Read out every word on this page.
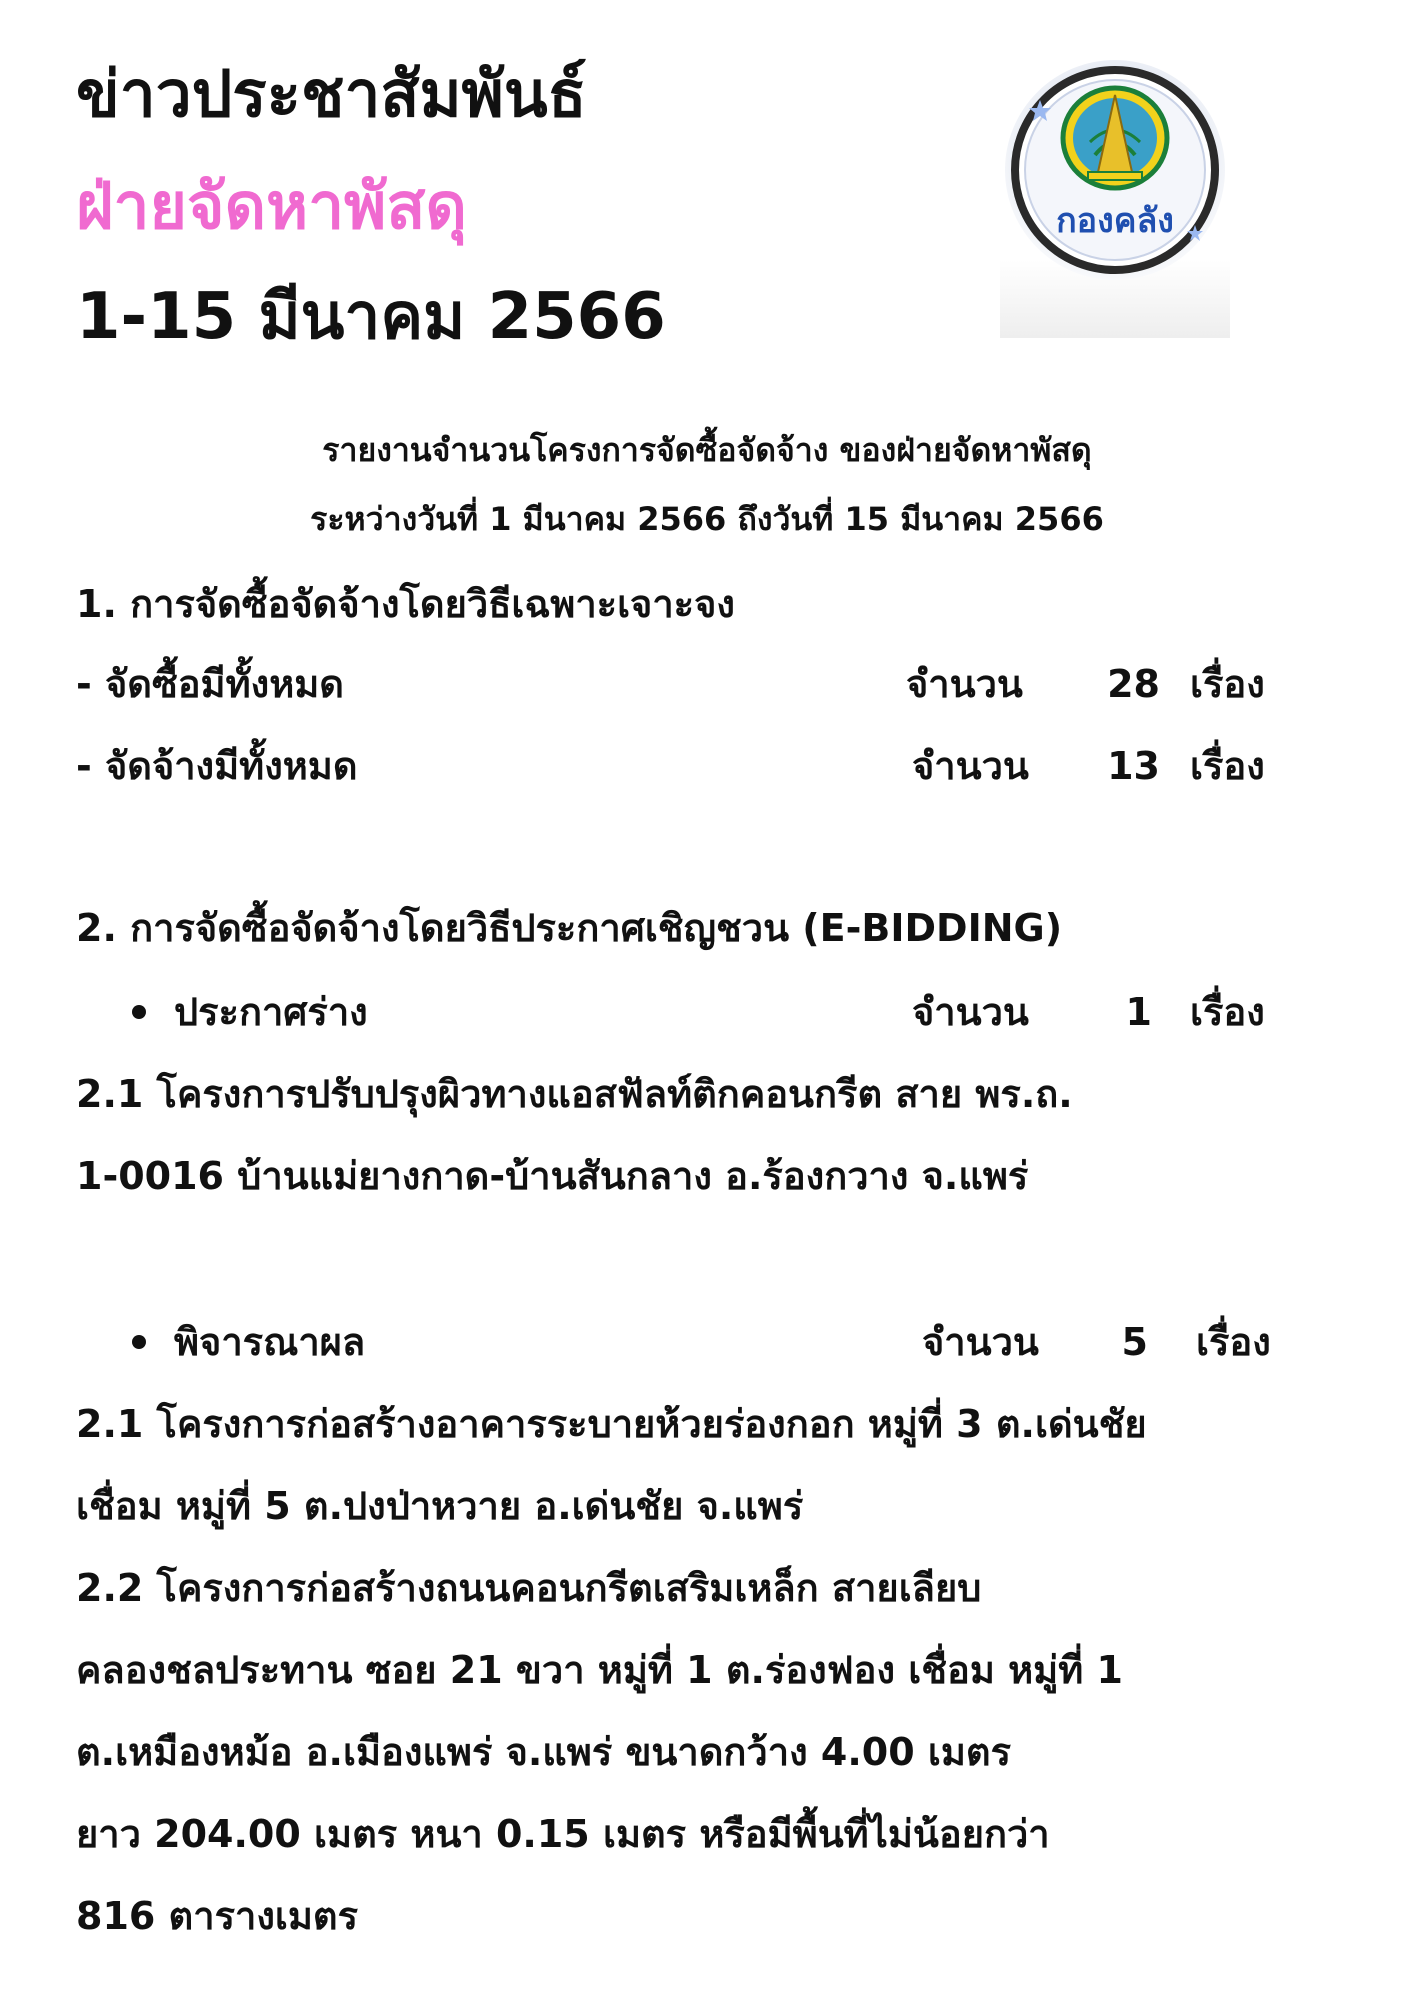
ข่าวประชาสัมพันธ์
ฝ่ายจัดหาพัสดุ
1-15 มีนาคม 2566
กองคลัง
รายงานจำนวนโครงการจัดซื้อจัดจ้าง ของฝ่ายจัดหาพัสดุ
ระหว่างวันที่ 1 มีนาคม 2566 ถึงวันที่ 15 มีนาคม 2566
1. การจัดซื้อจัดจ้างโดยวิธีเฉพาะเจาะจง
- จัดซื้อมีทั้งหมด	จำนวน	28 เรื่อง
- จัดจ้างมีทั้งหมด	จำนวน	13 เรื่อง
2. การจัดซื้อจัดจ้างโดยวิธีประกาศเชิญชวน (E-BIDDING)
ประกาศร่าง	จำนวน	1 เรื่อง
2.1 โครงการปรับปรุงผิวทางแอสฟัลท์ติกคอนกรีต สาย พร.ถ.
1-0016 บ้านแม่ยางกาด-บ้านสันกลาง อ.ร้องกวาง จ.แพร่
พิจารณาผล	จำนวน	5 เรื่อง
2.1 โครงการก่อสร้างอาคารระบายห้วยร่องกอก หมู่ที่ 3 ต.เด่นชัย
เชื่อม หมู่ที่ 5 ต.ปงป่าหวาย อ.เด่นชัย จ.แพร่
2.2 โครงการก่อสร้างถนนคอนกรีตเสริมเหล็ก สายเลียบ
คลองชลประทาน ซอย 21 ขวา หมู่ที่ 1 ต.ร่องฟอง เชื่อม หมู่ที่ 1
ต.เหมืองหม้อ อ.เมืองแพร่ จ.แพร่ ขนาดกว้าง 4.00 เมตร
ยาว 204.00 เมตร หนา 0.15 เมตร หรือมีพื้นที่ไม่น้อยกว่า
816 ตารางเมตร
